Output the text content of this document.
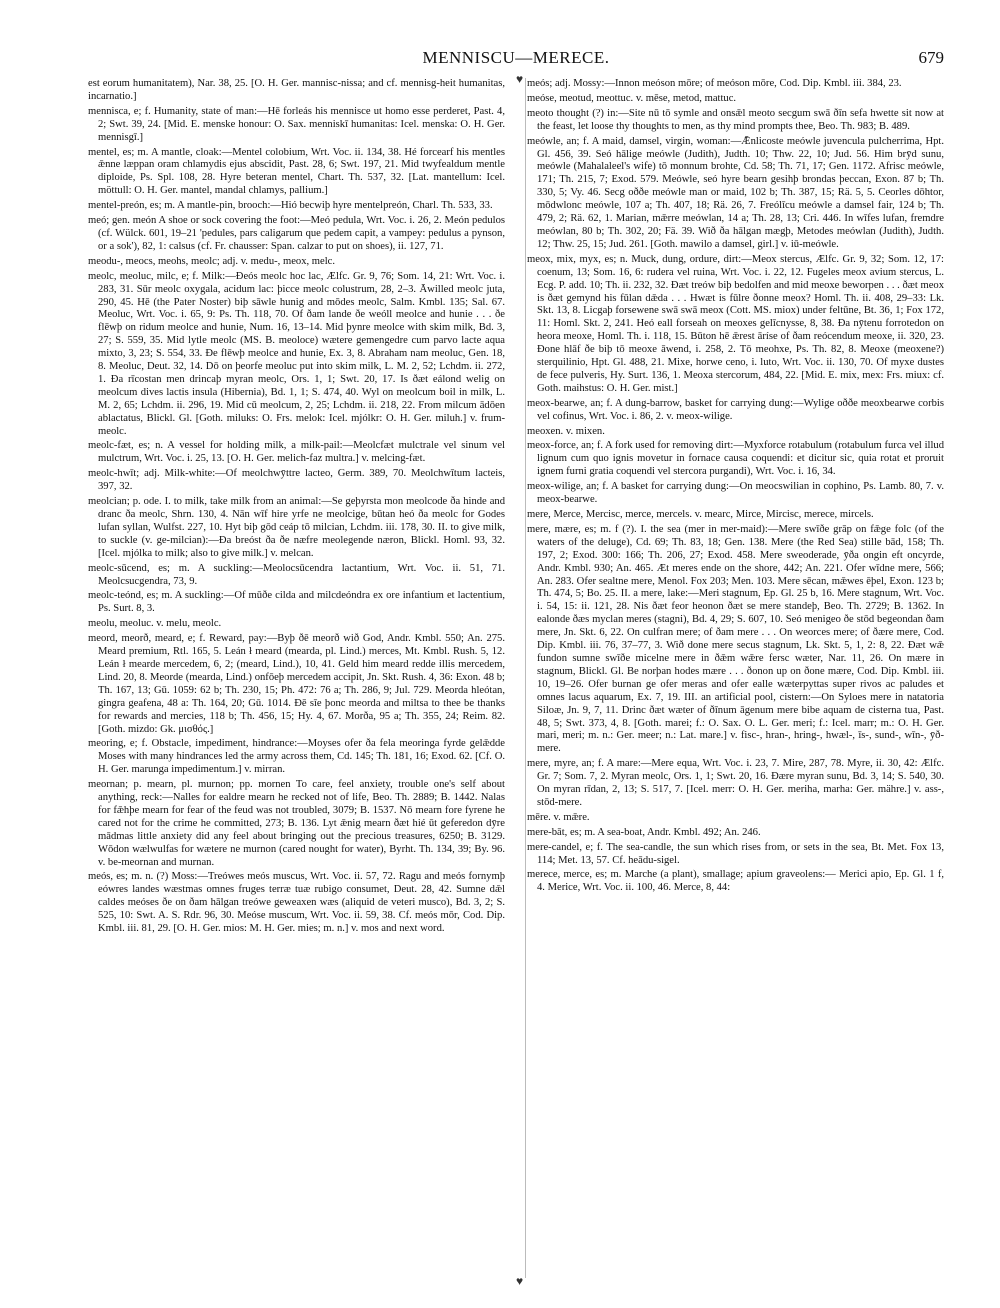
MENNISCU—MERECE.	679

est eorum humanitatem), Nar. 38, 25. [O. H. Ger. mannisc-nissa; and cf. mennisg-heit humanitas, incarnatio.]

mennisca, e; f. Humanity, state of man:—Hē forleás his mennisce ut homo esse perderet, Past. 4, 2; Swt. 39, 24. [Mid. E. menske honour: O. Sax. menniskī humanitas: Icel. menska: O. H. Ger. mennisgī.]

mentel, es; m. A mantle, cloak:—Mentel colobium, Wrt. Voc. ii. 134, 38. Hé forcearf his mentles ǣnne læppan oram chlamydis ejus abscidit, Past. 28, 6; Swt. 197, 21. Mid twyfealdum mentle diploide, Ps. Spl. 108, 28. Hyre beteran mentel, Chart. Th. 537, 32. [Lat. mantellum: Icel. möttull: O. H. Ger. mantel, mandal chlamys, pallium.]

mentel-preón, es; m. A mantle-pin, brooch:—Hió becwiþ hyre mentelpreón, Charl. Th. 533, 33.

meó; gen. meón A shoe or sock covering the foot:—Meó pedula, Wrt. Voc. i. 26, 2. Meón pedulos (cf. Wülck. 601, 19–21 'pedules, pars caligarum que pedem capit, a vampey: pedulus a pynson, or a sok'), 82, 1: calsus (cf. Fr. chausser: Span. calzar to put on shoes), ii. 127, 71.

meodu-, meocs, meohs, meolc; adj. v. medu-, meox, melc.

meolc, meoluc, milc, e; f. Milk:—Ðeós meolc hoc lac, Ælfc. Gr. 9, 76; Som. 14, 21: Wrt. Voc. i. 283, 31. Sūr meolc oxygala, acidum lac: þicce meolc colustrum, 28, 2–3. Āwilled meolc juta, 290, 45. Hē (the Pater Noster) biþ sāwle hunig and mōdes meolc, Salm. Kmbl. 135; Sal. 67. Meoluc, Wrt. Voc. i. 65, 9: Ps. Th. 118, 70. Of ðam lande ðe weóll meolce and hunie . . . ðe flēwþ on ridum meolce and hunie, Num. 16, 13–14. Mid þynre meolce with skim milk, Bd. 3, 27; S. 559, 35. Mid lytle meolc (MS. B. meoloce) wætere gemengedre cum parvo lacte aqua mixto, 3, 23; S. 554, 33. Ðe flēwþ meolce and hunie, Ex. 3, 8. Abraham nam meoluc, Gen. 18, 8. Meoluc, Deut. 32, 14. Dō on þeorfe meoluc put into skim milk, L. M. 2, 52; Lchdm. ii. 272, 1. Ða rīcostan men drincaþ myran meolc, Ors. 1, 1; Swt. 20, 17. Is ðæt eálond welig on meolcum dives lactis insula (Hibernia), Bd. 1, 1; S. 474, 40. Wyl on meolcum boil in milk, L. M. 2, 65; Lchdm. ii. 296, 19. Mid cū meolcum, 2, 25; Lchdm. ii. 218, 22. From milcum ādōen ablactatus, Blickl. Gl. [Goth. miluks: O. Frs. melok: Icel. mjólkr: O. H. Ger. miluh.] v. frum-meolc.

meolc-fæt, es; n. A vessel for holding milk, a milk-pail:—Meolcfæt mulctrale vel sinum vel mulctrum, Wrt. Voc. i. 25, 13. [O. H. Ger. melich-faz multra.] v. melcing-fæt.

meolc-hwīt; adj. Milk-white:—Of meolchwȳttre lacteo, Germ. 389, 70. Meolchwītum lacteis, 397, 32.

meolcian; p. ode. I. to milk, take milk from an animal:—Se geþyrsta mon meolcode ða hinde and dranc ða meolc, Shrn. 130, 4. Nān wīf hire yrfe ne meolcige, būtan heó ða meolc for Godes lufan syllan, Wulfst. 227, 10. Hyt biþ gōd ceáp tō milcian, Lchdm. iii. 178, 30. II. to give milk, to suckle (v. ge-milcian):—Ða breóst ða ðe næfre meolegende næron, Blickl. Homl. 93, 32. [Icel. mjólka to milk; also to give milk.] v. melcan.

meolc-sūcend, es; m. A suckling:—Meolocsūcendra lactantium, Wrt. Voc. ii. 51, 71. Meolcsucgendra, 73, 9.

meolc-teónd, es; m. A suckling:—Of mūðe cilda and milcdeóndra ex ore infantium et lactentium, Ps. Surt. 8, 3.

meolu, meoluc. v. melu, meolc.

meord, meorð, meard, e; f. Reward, pay:—Byþ ðē meorð wið God, Andr. Kmbl. 550; An. 275. Meard premium, Rtl. 165, 5. Leán ł meard (mearda, pl. Lind.) merces, Mt. Kmbl. Rush. 5, 12. Leán ł mearde mercedem, 6, 2; (meard, Lind.), 10, 41. Geld him meard redde illis mercedem, Lind. 20, 8. Meorde (mearda, Lind.) onfōeþ mercedem accipit, Jn. Skt. Rush. 4, 36: Exon. 48 b; Th. 167, 13; Gū. 1059: 62 b; Th. 230, 15; Ph. 472: 76 a; Th. 286, 9; Jul. 729. Meorda hleótan, gingra geafena, 48 a: Th. 164, 20; Gū. 1014. Ðē sīe þonc meorda and miltsa to thee be thanks for rewards and mercies, 118 b; Th. 456, 15; Hy. 4, 67. Morða, 95 a; Th. 355, 24; Reim. 82. [Goth. mizdo: Gk. μισθός.]

meoring, e; f. Obstacle, impediment, hindrance:—Moyses ofer ða fela meoringa fyrde gelǣdde Moses with many hindrances led the army across them, Cd. 145; Th. 181, 16; Exod. 62. [Cf. O. H. Ger. marunga impedimentum.] v. mirran.

meornan; p. mearn, pl. murnon; pp. mornen To care, feel anxiety, trouble one's self about anything, reck:—Nalles for ealdre mearn he recked not of life, Beo. Th. 2889; B. 1442. Nalas for fǣhþe mearn for fear of the feud was not troubled, 3079; B. 1537. Nō mearn fore fyrene he cared not for the crime he committed, 273; B. 136. Lyt ǣnig mearn ðæt hié ūt geferedon dȳre mādmas little anxiety did any feel about bringing out the precious treasures, 6250; B. 3129. Wōdon wælwulfas for wætere ne murnon (cared nought for water), Byrht. Th. 134, 39; By. 96. v. be-meornan and murnan.

meós, es; m. n. (?) Moss:—Treówes meós muscus, Wrt. Voc. ii. 57, 72. Ragu and meós fornymþ eówres landes wæstmas omnes fruges terræ tuæ rubigo consumet, Deut. 28, 42. Sumne dǣl caldes meóses ðe on ðam hālgan treówe geweaxen wæs (aliquid de veteri musco), Bd. 3, 2; S. 525, 10: Swt. A. S. Rdr. 96, 30. Meóse muscum, Wrt. Voc. ii. 59, 38. Cf. meós mōr, Cod. Dip. Kmbl. iii. 81, 29. [O. H. Ger. mios: M. H. Ger. mies; m. n.] v. mos and next word.

♥
♥

meós; adj. Mossy:—Innon meóson mōre; of meóson mōre, Cod. Dip. Kmbl. iii. 384, 23.

meóse, meotud, meottuc. v. mēse, metod, mattuc.

meoto thought (?) in:—Site nū tō symle and onsǣl meoto secgum swā ðīn sefa hwette sit now at the feast, let loose thy thoughts to men, as thy mind prompts thee, Beo. Th. 983; B. 489.

meówle, an; f. A maid, damsel, virgin, woman:—Ǣnlicoste meówle juvencula pulcherrima, Hpt. Gl. 456, 39. Seó hālige meówle (Judith), Judth. 10; Thw. 22, 10; Jud. 56. Him brȳd sunu, meówle (Mahalaleel's wife) tō monnum brohte, Cd. 58; Th. 71, 17; Gen. 1172. Afrisc meówle, 171; Th. 215, 7; Exod. 579. Meówle, seó hyre bearn gesihþ brondas þeccan, Exon. 87 b; Th. 330, 5; Vy. 46. Secg oððe meówle man or maid, 102 b; Th. 387, 15; Rä. 5, 5. Ceorles dōhtor, mōdwlonc meówle, 107 a; Th. 407, 18; Rä. 26, 7. Freólīcu meówle a damsel fair, 124 b; Th. 479, 2; Rä. 62, 1. Marian, mǣrre meówlan, 14 a; Th. 28, 13; Cri. 446. In wīfes lufan, fremdre meówlan, 80 b; Th. 302, 20; Fä. 39. Wið ða hālgan mægþ, Metodes meówlan (Judith), Judth. 12; Thw. 25, 15; Jud. 261. [Goth. mawilo a damsel, girl.] v. iū-meówle.

meox, mix, myx, es; n. Muck, dung, ordure, dirt:—Meox stercus, Ælfc. Gr. 9, 32; Som. 12, 17: coenum, 13; Som. 16, 6: rudera vel ruina, Wrt. Voc. i. 22, 12. Fugeles meox avium stercus, L. Ecg. P. add. 10; Th. ii. 232, 32. Ðæt treów biþ bedolfen and mid meoxe beworpen . . . ðæt meox is ðæt gemynd his fūlan dǣda . . . Hwæt is fūlre ðonne meox? Homl. Th. ii. 408, 29–33: Lk. Skt. 13, 8. Licgaþ forsewene swā swā meox (Cott. MS. miox) under feltūne, Bt. 36, 1; Fox 172, 11: Homl. Skt. 2, 241. Heó eall forseah on meoxes gelīcnysse, 8, 38. Ða nȳtenu forrotedon on heora meoxe, Homl. Th. i. 118, 15. Būton hē ǣrest āríse of ðam reócendum meoxe, ii. 320, 23. Ðone hlāf ðe biþ tō meoxe āwend, i. 258, 2. Tō meohxe, Ps. Th. 82, 8. Meoxe (meoxene?) sterquilinio, Hpt. Gl. 488, 21. Mixe, horwe ceno, i. luto, Wrt. Voc. ii. 130, 70. Of myxe dustes de fece pulveris, Hy. Surt. 136, 1. Meoxa stercorum, 484, 22. [Mid. E. mix, mex: Frs. miux: cf. Goth. maihstus: O. H. Ger. mist.]

meox-bearwe, an; f. A dung-barrow, basket for carrying dung:—Wylige oððe meoxbearwe corbis vel cofinus, Wrt. Voc. i. 86, 2. v. meox-wilige.

meoxen. v. mixen.

meox-force, an; f. A fork used for removing dirt:—Myxforce rotabulum (rotabulum furca vel illud lignum cum quo ignis movetur in fornace causa coquendi: et dicitur sic, quia rotat et proruit ignem furni gratia coquendi vel stercora purgandi), Wrt. Voc. i. 16, 34.

meox-wilige, an; f. A basket for carrying dung:—On meocswilian in cophino, Ps. Lamb. 80, 7. v. meox-bearwe.

mere, Merce, Mercisc, merce, mercels. v. mearc, Mirce, Mircisc, merece, mircels.

mere, mære, es; m. f (?). I. the sea (mer in mer-maid):—Mere swīðe grāp on fǣge folc (of the waters of the deluge), Cd. 69; Th. 83, 18; Gen. 138. Mere (the Red Sea) stille bād, 158; Th. 197, 2; Exod. 300: 166; Th. 206, 27; Exod. 458. Mere sweoderade, ȳða ongin eft oncyrde, Andr. Kmbl. 930; An. 465. Æt meres ende on the shore, 442; An. 221. Ofer wīdne mere, 566; An. 283. Ofer sealtne mere, Menol. Fox 203; Men. 103. Mere sēcan, mǣwes ēþel, Exon. 123 b; Th. 474, 5; Bo. 25. II. a mere, lake:—Meri stagnum, Ep. Gl. 25 b, 16. Mere stagnum, Wrt. Voc. i. 54, 15: ii. 121, 28. Nis ðæt feor heonon ðæt se mere standeþ, Beo. Th. 2729; B. 1362. In ealonde ðæs myclan meres (stagni), Bd. 4, 29; S. 607, 10. Seó menigeo ðe stōd begeondan ðam mere, Jn. Skt. 6, 22. On culfran mere; of ðam mere . . . On weorces mere; of ðære mere, Cod. Dip. Kmbl. iii. 76, 37–77, 3. Wið done mere secus stagnum, Lk. Skt. 5, 1, 2: 8, 22. Ðæt wǣ fundon sumne swīðe micelne mere in ðǣm wǣre fersc wæter, Nar. 11, 26. On mære in stagnum, Blickl. Gl. Be norþan hodes mære . . . ðonon up on ðone mære, Cod. Dip. Kmbl. iii. 10, 19–26. Ofer burnan ge ofer meras and ofer ealle wæterpyttas super rivos ac paludes et omnes lacus aquarum, Ex. 7, 19. III. an artificial pool, cistern:—On Syloes mere in natatoria Siloæ, Jn. 9, 7, 11. Drinc ðæt wæter of ðīnum āgenum mere bibe aquam de cisterna tua, Past. 48, 5; Swt. 373, 4, 8. [Goth. marei; f.: O. Sax. O. L. Ger. meri; f.: Icel. marr; m.: O. H. Ger. mari, meri; m. n.: Ger. meer; n.: Lat. mare.] v. fisc-, hran-, hring-, hwæl-, īs-, sund-, wīn-, ȳð-mere.

mere, myre, an; f. A mare:—Mere equa, Wrt. Voc. i. 23, 7. Mire, 287, 78. Myre, ii. 30, 42: Ælfc. Gr. 7; Som. 7, 2. Myran meolc, Ors. 1, 1; Swt. 20, 16. Ðære myran sunu, Bd. 3, 14; S. 540, 30. On myran rīdan, 2, 13; S. 517, 7. [Icel. merr: O. H. Ger. meriha, marha: Ger. mähre.] v. ass-, stōd-mere.

mēre. v. mǣre.

mere-bāt, es; m. A sea-boat, Andr. Kmbl. 492; An. 246.

mere-candel, e; f. The sea-candle, the sun which rises from, or sets in the sea, Bt. Met. Fox 13, 114; Met. 13, 57. Cf. heādu-sigel.

merece, merce, es; m. Marche (a plant), smallage; apium graveolens:— Merici apio, Ep. Gl. 1 f, 4. Merice, Wrt. Voc. ii. 100, 46. Merce, 8, 44:
